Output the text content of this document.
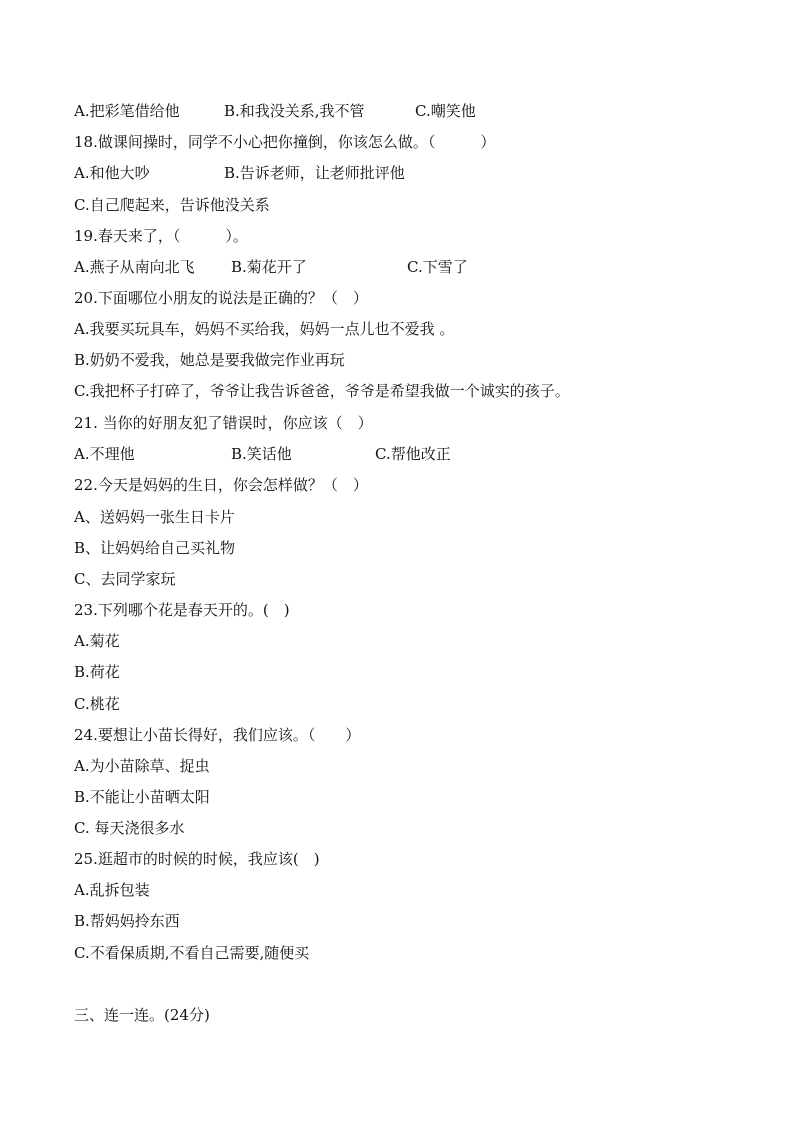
A.把彩笔借给他

	B.和我没关系,我不管

	C.嘲笑他

18.做课间操时，同学不小心把你撞倒，你该怎么做。（　　　）

A.和他大吵

	B.告诉老师，让老师批评他

C.自己爬起来，告诉他没关系
19.春天来了，（　　　）。

A.燕子从南向北飞

B.菊花开了

	C.下雪了

20.下面哪位小朋友的说法是正确的？（　）
A.我要买玩具车，妈妈不买给我，妈妈一点儿也不爱我 。
B.奶奶不爱我，她总是要我做完作业再玩
C.我把杯子打碎了，爷爷让我告诉爸爸，爷爷是希望我做一个诚实的孩子。
21. 当你的好朋友犯了错误时，你应该（　）

A.不理他

	B.笑话他

	C.帮他改正

22.今天是妈妈的生日，你会怎样做？（　）
A、送妈妈一张生日卡片
B、让妈妈给自己买礼物
C、去同学家玩
23.下列哪个花是春天开的。(　)
A.菊花
B.荷花
C.桃花
24.要想让小苗长得好，我们应该。（　　）
A.为小苗除草、捉虫
B.不能让小苗晒太阳
C. 每天浇很多水
25.逛超市的时候的时候，我应该(　)
A.乱拆包装
B.帮妈妈拎东西
C.不看保质期,不看自己需要,随便买
三、连一连。(24分)
